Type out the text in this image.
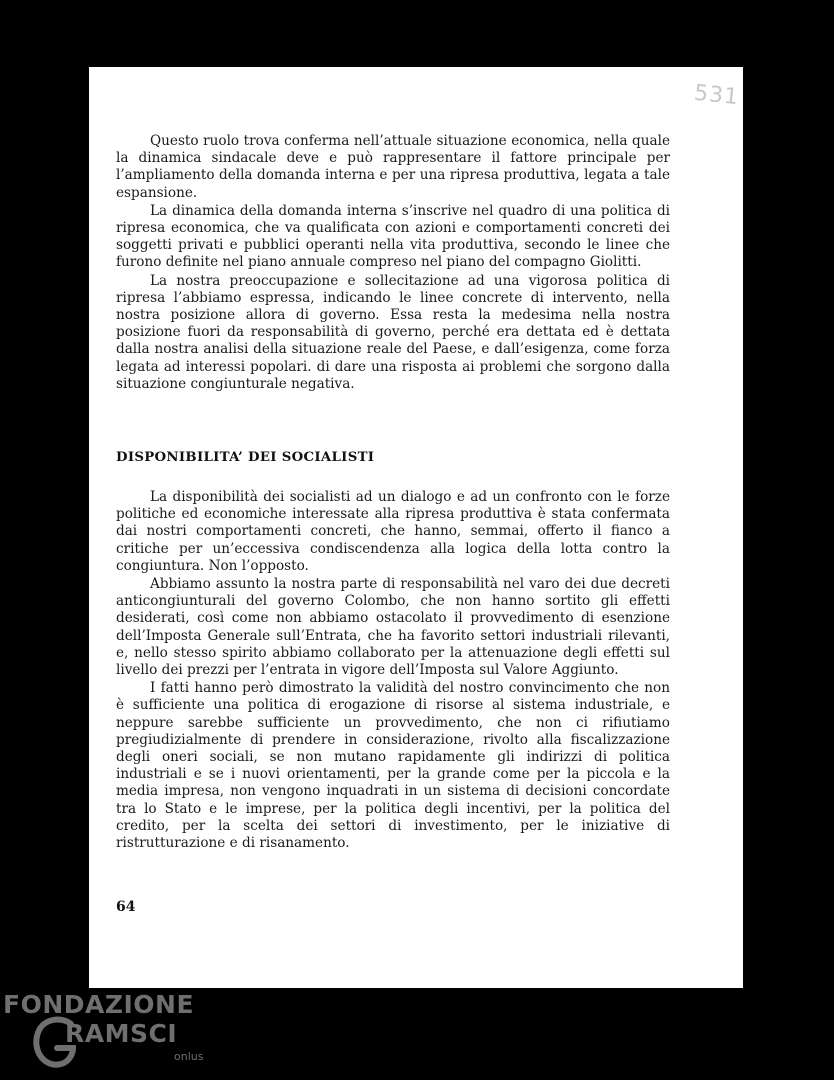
531

Questo ruolo trova conferma nell’attuale situazione economica, nella quale la dinamica sindacale deve e può rappresentare il fattore principale per l’ampliamento della domanda interna e per una ripresa produttiva, legata a tale espansione.

La dinamica della domanda interna s’inscrive nel quadro di una politica di ripresa economica, che va qualificata con azioni e comportamenti concreti dei soggetti privati e pubblici operanti nella vita produttiva, secondo le linee che furono definite nel piano annuale compreso nel piano del compagno Giolitti.

La nostra preoccupazione e sollecitazione ad una vigorosa politica di ripresa l’abbiamo espressa, indicando le linee concrete di intervento, nella nostra posizione allora di governo. Essa resta la medesima nella nostra posizione fuori da responsabilità di governo, perché era dettata ed è dettata dalla nostra analisi della situazione reale del Paese, e dall’esigenza, come forza legata ad interessi popolari. di dare una risposta ai problemi che sorgono dalla situazione congiunturale negativa.

DISPONIBILITA’ DEI SOCIALISTI

La disponibilità dei socialisti ad un dialogo e ad un confronto con le forze politiche ed economiche interessate alla ripresa produttiva è stata confermata dai nostri comportamenti concreti, che hanno, semmai, offerto il fianco a critiche per un’eccessiva condiscendenza alla logica della lotta contro la congiuntura. Non l’opposto.

Abbiamo assunto la nostra parte di responsabilità nel varo dei due decreti anticongiunturali del governo Colombo, che non hanno sortito gli effetti desiderati, così come non abbiamo ostacolato il provvedimento di esenzione dell’Imposta Generale sull’Entrata, che ha favorito settori industriali rilevanti, e, nello stesso spirito abbiamo collaborato per la attenuazione degli effetti sul livello dei prezzi per l’entrata in vigore dell’Imposta sul Valore Aggiunto.

I fatti hanno però dimostrato la validità del nostro convincimento che non è sufficiente una politica di erogazione di risorse al sistema industriale, e neppure sarebbe sufficiente un provvedimento, che non ci rifiutiamo pregiudizialmente di prendere in considerazione, rivolto alla fiscalizzazione degli oneri sociali, se non mutano rapidamente gli indirizzi di politica industriali e se i nuovi orientamenti, per la grande come per la piccola e la media impresa, non vengono inquadrati in un sistema di decisioni concordate tra lo Stato e le imprese, per la politica degli incentivi, per la politica del credito, per la scelta dei settori di investimento, per le iniziative di ristrutturazione e di risanamento.

64
FONDAZIONE
RAMSCI
onlus
